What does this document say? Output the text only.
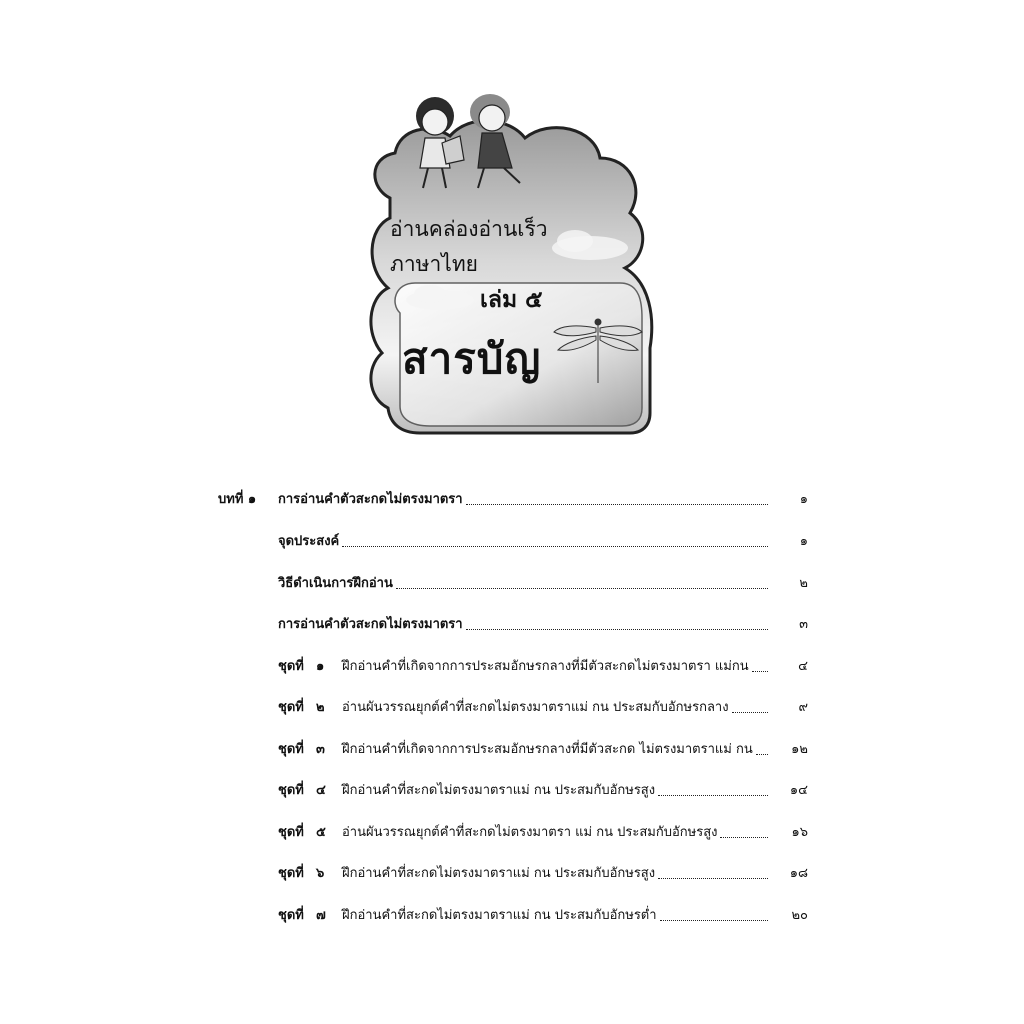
อ่านคล่องอ่านเร็ว
ภาษาไทย
เล่ม ๕
สารบัญ
บทที่ ๑ การอ่านคำตัวสะกดไม่ตรงมาตรา	๑
จุดประสงค์	๑
วิธีดำเนินการฝึกอ่าน	๒
การอ่านคำตัวสะกดไม่ตรงมาตรา	๓
ชุดที่ ๑ ฝึกอ่านคำที่เกิดจากการประสมอักษรกลางที่มีตัวสะกดไม่ตรงมาตรา แม่กน	๔
ชุดที่ ๒ อ่านผันวรรณยุกต์คำที่สะกดไม่ตรงมาตราแม่ กน ประสมกับอักษรกลาง	๙
ชุดที่ ๓ ฝึกอ่านคำที่เกิดจากการประสมอักษรกลางที่มีตัวสะกด ไม่ตรงมาตราแม่ กน	๑๒
ชุดที่ ๔ ฝึกอ่านคำที่สะกดไม่ตรงมาตราแม่ กน ประสมกับอักษรสูง	๑๔
ชุดที่ ๕ อ่านผันวรรณยุกต์คำที่สะกดไม่ตรงมาตรา แม่ กน ประสมกับอักษรสูง	๑๖
ชุดที่ ๖ ฝึกอ่านคำที่สะกดไม่ตรงมาตราแม่ กน ประสมกับอักษรสูง	๑๘
ชุดที่ ๗ ฝึกอ่านคำที่สะกดไม่ตรงมาตราแม่ กน ประสมกับอักษรต่ำ	๒๐
